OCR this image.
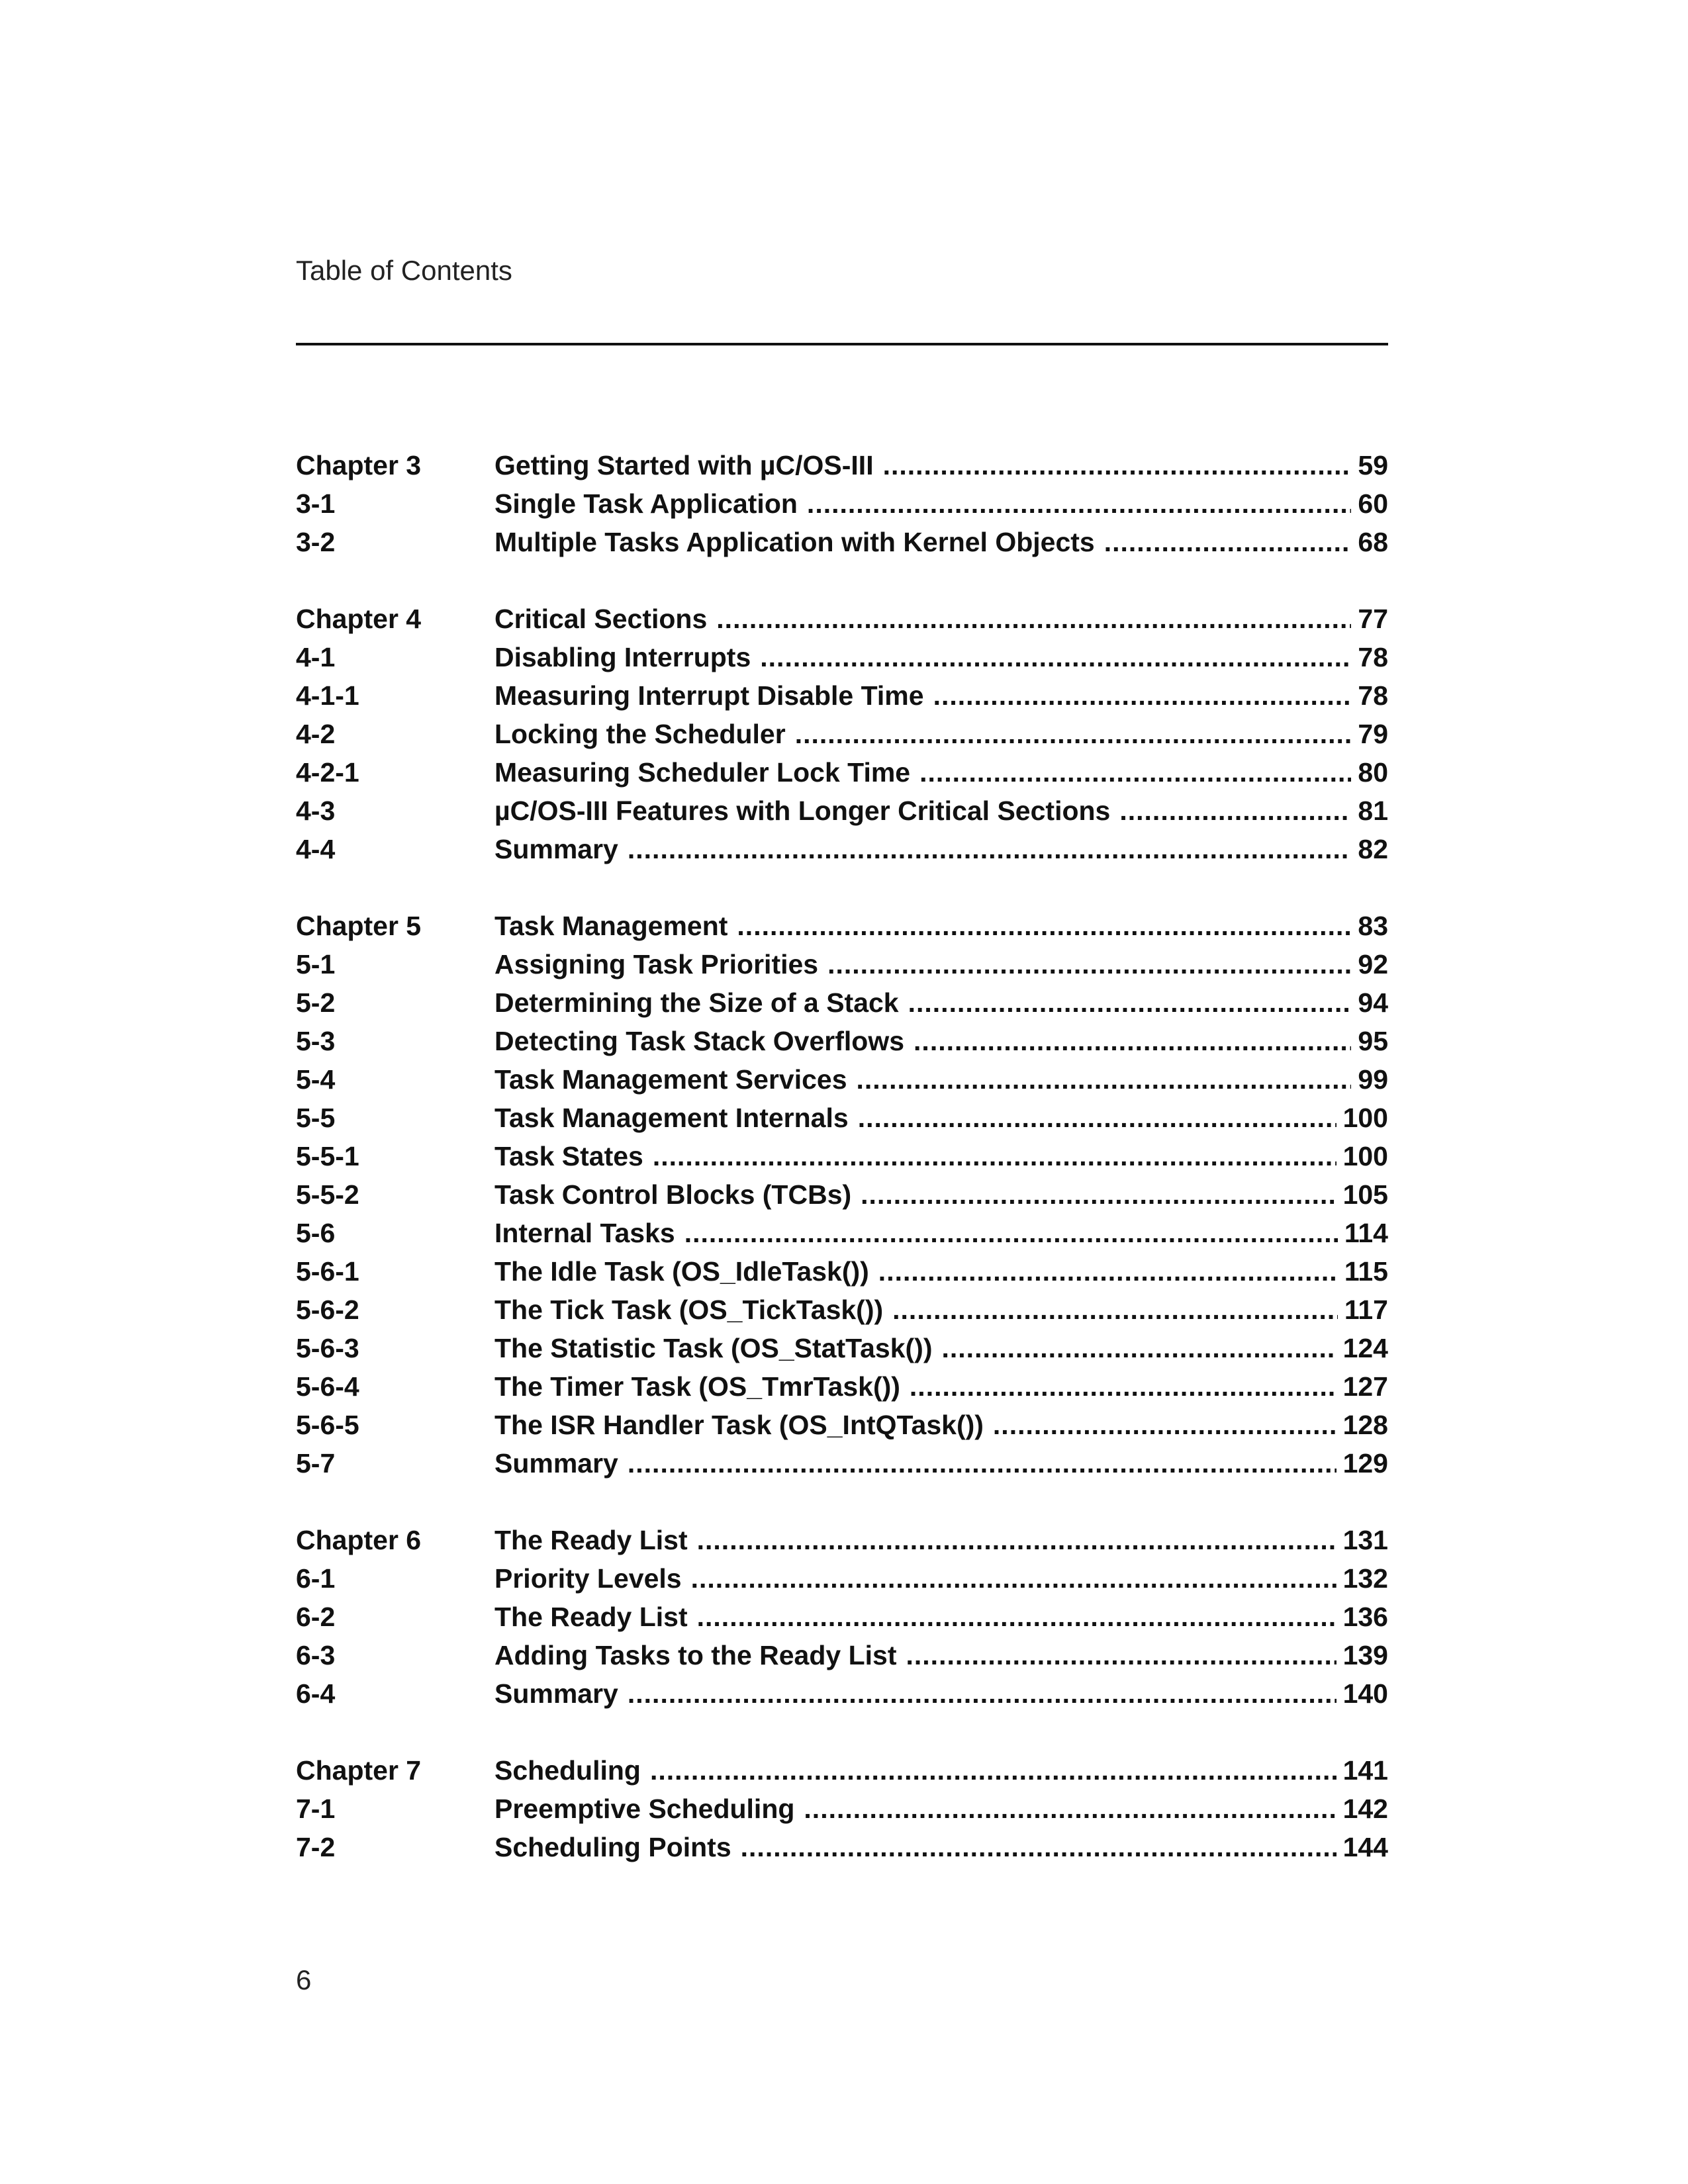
Table of Contents
Chapter 3	Getting Started with µC/OS-III .....	59
3-1	Single Task Application .....	60
3-2	Multiple Tasks Application with Kernel Objects .....	68
Chapter 4	Critical Sections .....	77
4-1	Disabling Interrupts .....	78
4-1-1	Measuring Interrupt Disable Time .....	78
4-2	Locking the Scheduler .....	79
4-2-1	Measuring Scheduler Lock Time .....	80
4-3	µC/OS-III Features with Longer Critical Sections .....	81
4-4	Summary .....	82
Chapter 5	Task Management .....	83
5-1	Assigning Task Priorities .....	92
5-2	Determining the Size of a Stack .....	94
5-3	Detecting Task Stack Overflows .....	95
5-4	Task Management Services .....	99
5-5	Task Management Internals .....	100
5-5-1	Task States .....	100
5-5-2	Task Control Blocks (TCBs) .....	105
5-6	Internal Tasks .....	114
5-6-1	The Idle Task (OS_IdleTask()) .....	115
5-6-2	The Tick Task (OS_TickTask()) .....	117
5-6-3	The Statistic Task (OS_StatTask()) .....	124
5-6-4	The Timer Task (OS_TmrTask()) .....	127
5-6-5	The ISR Handler Task (OS_IntQTask()) .....	128
5-7	Summary .....	129
Chapter 6	The Ready List .....	131
6-1	Priority Levels .....	132
6-2	The Ready List .....	136
6-3	Adding Tasks to the Ready List .....	139
6-4	Summary .....	140
Chapter 7	Scheduling .....	141
7-1	Preemptive Scheduling .....	142
7-2	Scheduling Points .....	144
6
